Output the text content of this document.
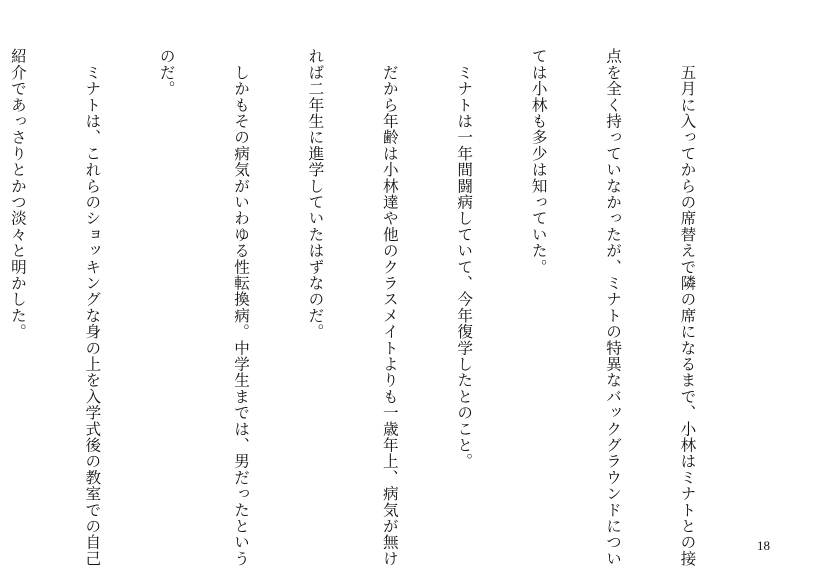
　五月に入ってからの席替えで隣の席になるまで、小林はミナトとの接

点を全く持っていなかったが、ミナトの特異なバックグラウンドについ

ては小林も多少は知っていた。

　ミナトは一年間闘病していて、今年復学したとのこと。

　だから年齢は小林達や他のクラスメイトよりも一歳年上、病気が無け

れば二年生に進学していたはずなのだ。

　しかもその病気がいわゆる性転換病。中学生までは、男だったという

のだ。

　ミナトは、これらのショッキングな身の上を入学式後の教室での自己

紹介であっさりとかつ淡々と明かした。

18
